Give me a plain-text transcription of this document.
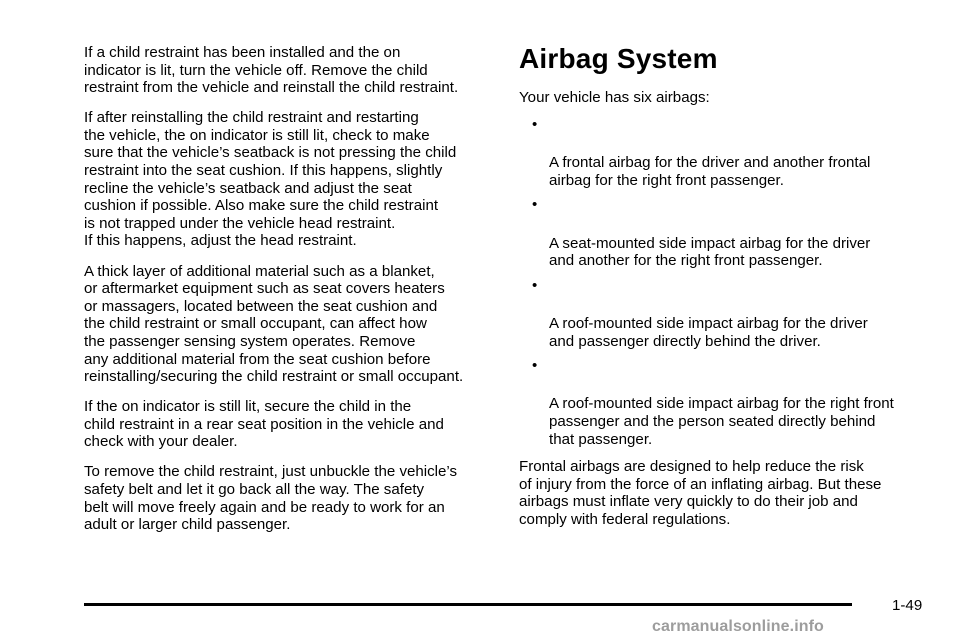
If a child restraint has been installed and the on
indicator is lit, turn the vehicle off. Remove the child
restraint from the vehicle and reinstall the child restraint.

If after reinstalling the child restraint and restarting
the vehicle, the on indicator is still lit, check to make
sure that the vehicle’s seatback is not pressing the child
restraint into the seat cushion. If this happens, slightly
recline the vehicle’s seatback and adjust the seat
cushion if possible. Also make sure the child restraint
is not trapped under the vehicle head restraint.
If this happens, adjust the head restraint.

A thick layer of additional material such as a blanket,
or aftermarket equipment such as seat covers heaters
or massagers, located between the seat cushion and
the child restraint or small occupant, can affect how
the passenger sensing system operates. Remove
any additional material from the seat cushion before
reinstalling/securing the child restraint or small occupant.

If the on indicator is still lit, secure the child in the
child restraint in a rear seat position in the vehicle and
check with your dealer.

To remove the child restraint, just unbuckle the vehicle’s
safety belt and let it go back all the way. The safety
belt will move freely again and be ready to work for an
adult or larger child passenger.

Airbag System

Your vehicle has six airbags:

•

A frontal airbag for the driver and another frontal
airbag for the right front passenger.

•

A seat-mounted side impact airbag for the driver
and another for the right front passenger.

•

A roof-mounted side impact airbag for the driver
and passenger directly behind the driver.

•

A roof-mounted side impact airbag for the right front
passenger and the person seated directly behind
that passenger.

Frontal airbags are designed to help reduce the risk
of injury from the force of an inflating airbag. But these
airbags must inflate very quickly to do their job and
comply with federal regulations.

1-49
carmanualsonline.info
